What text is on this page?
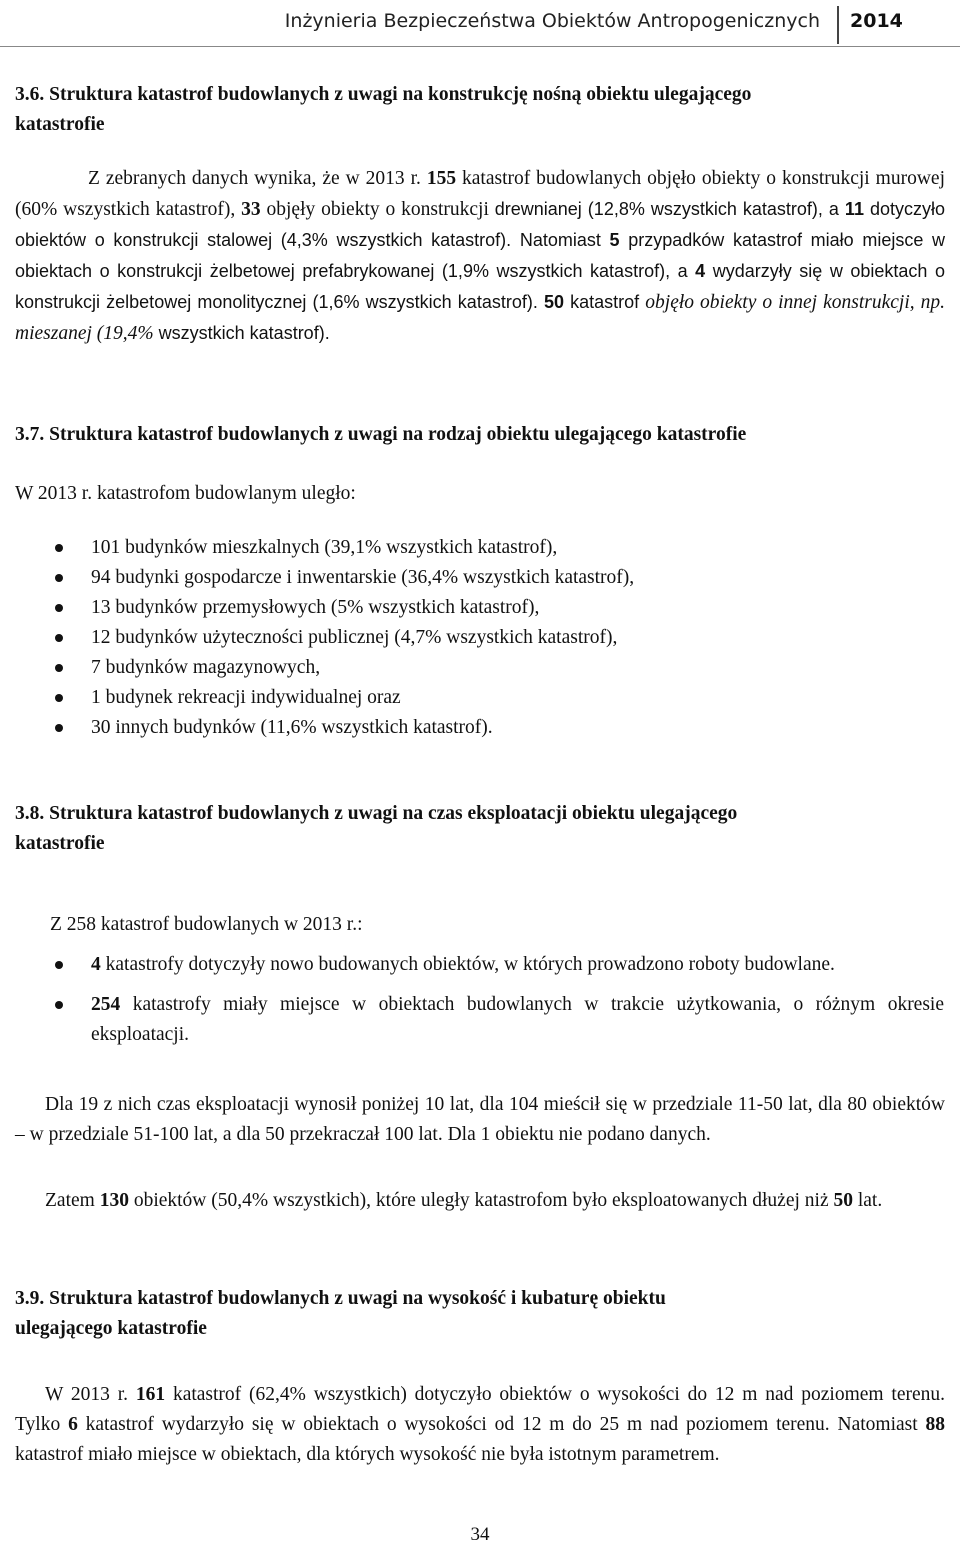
Inżynieria Bezpieczeństwa Obiektów Antropogenicznych 2014
3.6. Struktura katastrof budowlanych z uwagi na konstrukcję nośną obiektu ulegającego
katastrofie
Z zebranych danych wynika, że w 2013 r. 155 katastrof budowlanych objęło obiekty o konstrukcji murowej (60% wszystkich katastrof), 33 objęły obiekty o konstrukcji drewnianej (12,8% wszystkich katastrof), a 11 dotyczyło obiektów o konstrukcji stalowej (4,3% wszystkich katastrof). Natomiast 5 przypadków katastrof miało miejsce w obiektach o konstrukcji żelbetowej prefabrykowanej (1,9% wszystkich katastrof), a 4 wydarzyły się w obiektach o konstrukcji żelbetowej monolitycznej (1,6% wszystkich katastrof). 50 katastrof objęło obiekty o innej konstrukcji, np. mieszanej (19,4% wszystkich katastrof).
3.7. Struktura katastrof budowlanych z uwagi na rodzaj obiektu ulegającego katastrofie
W 2013 r. katastrofom budowlanym uległo:
101 budynków mieszkalnych (39,1% wszystkich katastrof),
94 budynki gospodarcze i inwentarskie (36,4% wszystkich katastrof),
13 budynków przemysłowych (5% wszystkich katastrof),
12 budynków użyteczności publicznej (4,7% wszystkich katastrof),
7 budynków magazynowych,
1 budynek rekreacji indywidualnej oraz
30 innych budynków (11,6% wszystkich katastrof).
3.8. Struktura katastrof budowlanych z uwagi na czas eksploatacji obiektu ulegającego
katastrofie
Z 258 katastrof budowlanych w 2013 r.:
4 katastrofy dotyczyły nowo budowanych obiektów, w których prowadzono roboty budowlane.
254 katastrofy miały miejsce w obiektach budowlanych w trakcie użytkowania, o różnym okresie eksploatacji.
Dla 19 z nich czas eksploatacji wynosił poniżej 10 lat, dla 104 mieścił się w przedziale 11-50 lat, dla 80 obiektów – w przedziale 51-100 lat, a dla 50 przekraczał 100 lat. Dla 1 obiektu nie podano danych.
Zatem 130 obiektów (50,4% wszystkich), które uległy katastrofom było eksploatowanych dłużej niż 50 lat.
3.9. Struktura katastrof budowlanych z uwagi na wysokość i kubaturę obiektu
ulegającego katastrofie
W 2013 r. 161 katastrof (62,4% wszystkich) dotyczyło obiektów o wysokości do 12 m nad poziomem terenu. Tylko 6 katastrof wydarzyło się w obiektach o wysokości od 12 m do 25 m nad poziomem terenu. Natomiast 88 katastrof miało miejsce w obiektach, dla których wysokość nie była istotnym parametrem.
34
